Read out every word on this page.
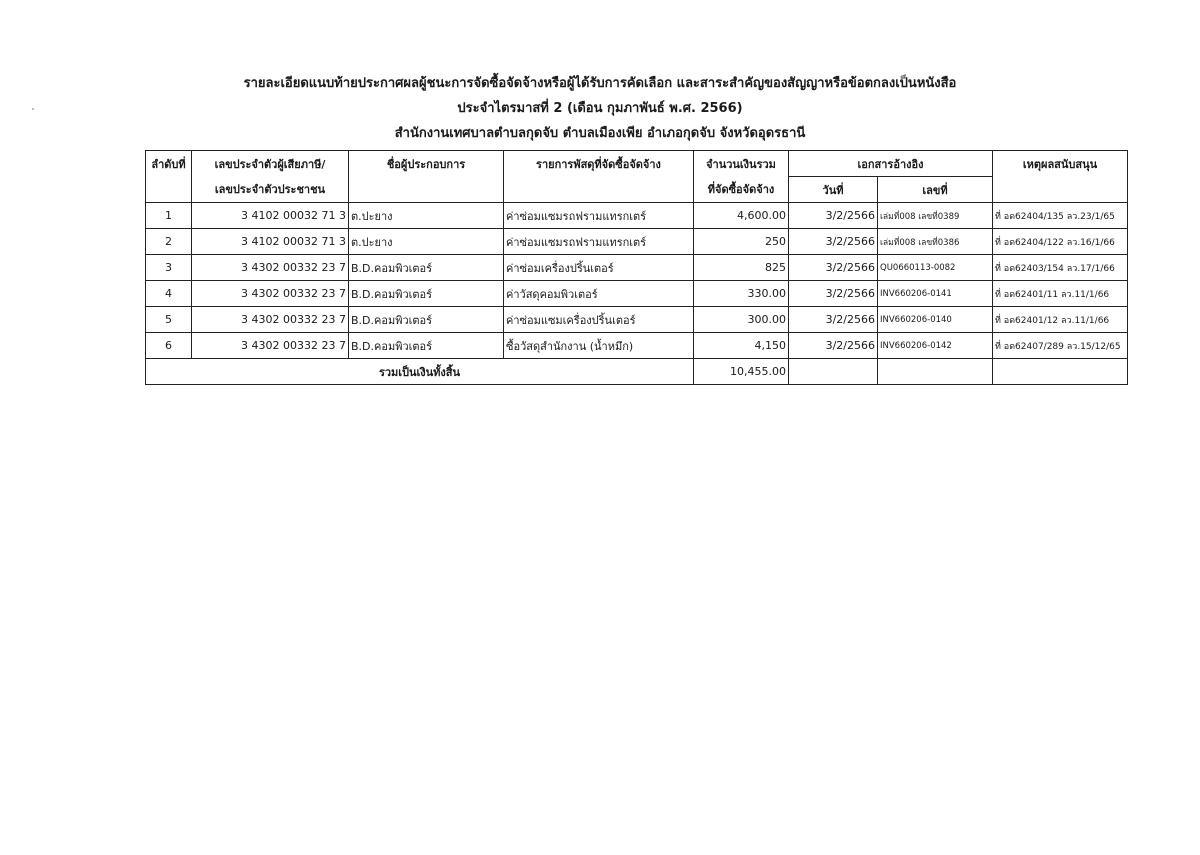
รายละเอียดแนบท้ายประกาศผลผู้ชนะการจัดซื้อจัดจ้างหรือผู้ได้รับการคัดเลือก และสาระสำคัญของสัญญาหรือข้อตกลงเป็นหนังสือ
ประจำไตรมาสที่ 2 (เดือน กุมภาพันธ์ พ.ศ. 2566)
สำนักงานเทศบาลตำบลกุดจับ ตำบลเมืองเพีย อำเภอกุดจับ จังหวัดอุดรธานี
ลำดับที่	เลขประจำตัวผู้เสียภาษี/	ชื่อผู้ประกอบการ	รายการพัสดุที่จัดซื้อจัดจ้าง	จำนวนเงินรวม	เอกสารอ้างอิง		เหตุผลสนับสนุน
	เลขประจำตัวประชาชน			ที่จัดซื้อจัดจ้าง	วันที่	เลขที่	
1	3 4102 00032 71 3	ต.ปะยาง	ค่าซ่อมแซมรถฟรามแทรกเตร์	4,600.00	3/2/2566	เล่มที่008 เลขที่0389	ที่ อด62404/135 ลว.23/1/65
2	3 4102 00032 71 3	ต.ปะยาง	ค่าซ่อมแซมรถฟรามแทรกเตร์	250	3/2/2566	เล่มที่008 เลขที่0386	ที่ อด62404/122 ลว.16/1/66
3	3 4302 00332 23 7	B.D.คอมพิวเตอร์	ค่าซ่อมเครื่องปริ้นเตอร์	825	3/2/2566	QU0660113-0082	ที่ อด62403/154 ลว.17/1/66
4	3 4302 00332 23 7	B.D.คอมพิวเตอร์	ค่าวัสดุคอมพิวเตอร์	330.00	3/2/2566	INV660206-0141	ที่ อด62401/11 ลว.11/1/66
5	3 4302 00332 23 7	B.D.คอมพิวเตอร์	ค่าซ่อมแซมเครื่องปริ้นเตอร์	300.00	3/2/2566	INV660206-0140	ที่ อด62401/12 ลว.11/1/66
6	3 4302 00332 23 7	B.D.คอมพิวเตอร์	ซื้อวัสดุสำนักงาน (น้ำหมึก)	4,150	3/2/2566	INV660206-0142	ที่ อด62407/289 ลว.15/12/65
รวมเป็นเงินทั้งสิ้น				10,455.00			
